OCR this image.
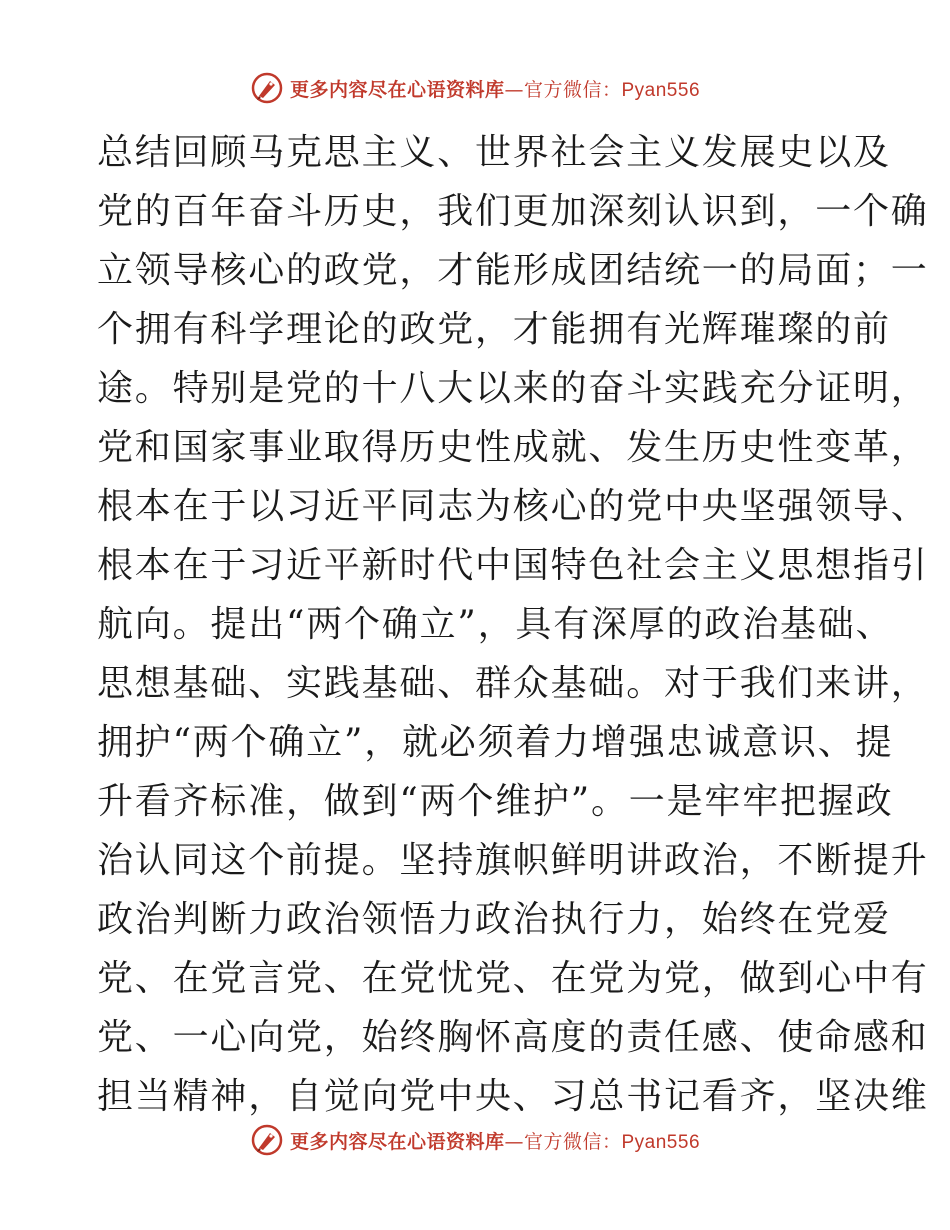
更多内容尽在心语资料库—官方微信：Pyan556
总结回顾马克思主义、世界社会主义发展史以及
党的百年奋斗历史，我们更加深刻认识到，一个确
立领导核心的政党，才能形成团结统一的局面；一
个拥有科学理论的政党，才能拥有光辉璀璨的前
途。特别是党的十八大以来的奋斗实践充分证明，
党和国家事业取得历史性成就、发生历史性变革，
根本在于以习近平同志为核心的党中央坚强领导、
根本在于习近平新时代中国特色社会主义思想指引
航向。提出“两个确立”，具有深厚的政治基础、
思想基础、实践基础、群众基础。对于我们来讲，
拥护“两个确立”，就必须着力增强忠诚意识、提
升看齐标准，做到“两个维护”。一是牢牢把握政
治认同这个前提。坚持旗帜鲜明讲政治，不断提升
政治判断力政治领悟力政治执行力，始终在党爱
党、在党言党、在党忧党、在党为党，做到心中有
党、一心向党，始终胸怀高度的责任感、使命感和
担当精神，自觉向党中央、习总书记看齐，坚决维
更多内容尽在心语资料库—官方微信：Pyan556
